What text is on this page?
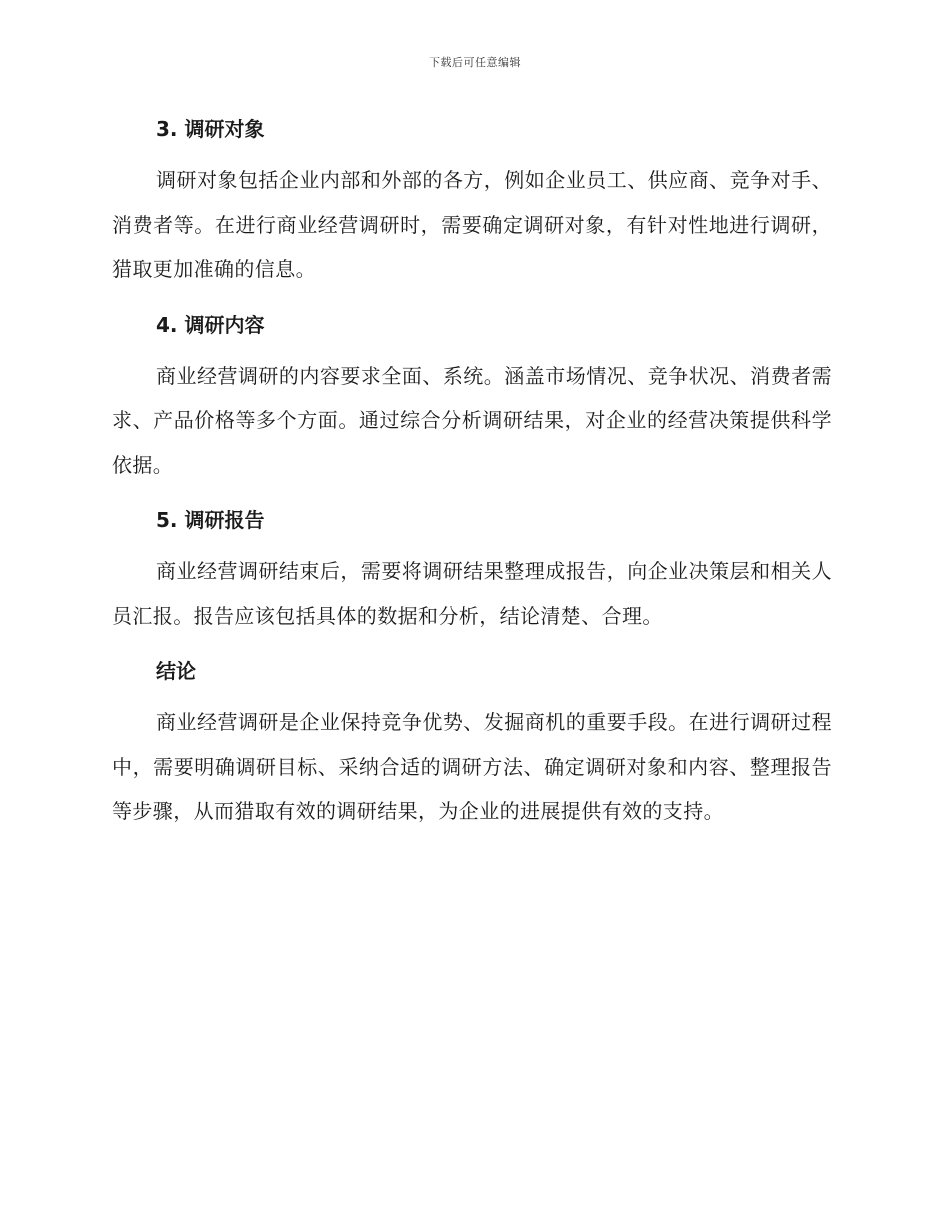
下载后可任意编辑
3. 调研对象

调研对象包括企业内部和外部的各方，例如企业员工、供应商、竞争对手、消费者等。在进行商业经营调研时，需要确定调研对象，有针对性地进行调研，猎取更加准确的信息。

4. 调研内容

商业经营调研的内容要求全面、系统。涵盖市场情况、竞争状况、消费者需求、产品价格等多个方面。通过综合分析调研结果，对企业的经营决策提供科学依据。

5. 调研报告

商业经营调研结束后，需要将调研结果整理成报告，向企业决策层和相关人员汇报。报告应该包括具体的数据和分析，结论清楚、合理。

结论

商业经营调研是企业保持竞争优势、发掘商机的重要手段。在进行调研过程中，需要明确调研目标、采纳合适的调研方法、确定调研对象和内容、整理报告等步骤，从而猎取有效的调研结果，为企业的进展提供有效的支持。
